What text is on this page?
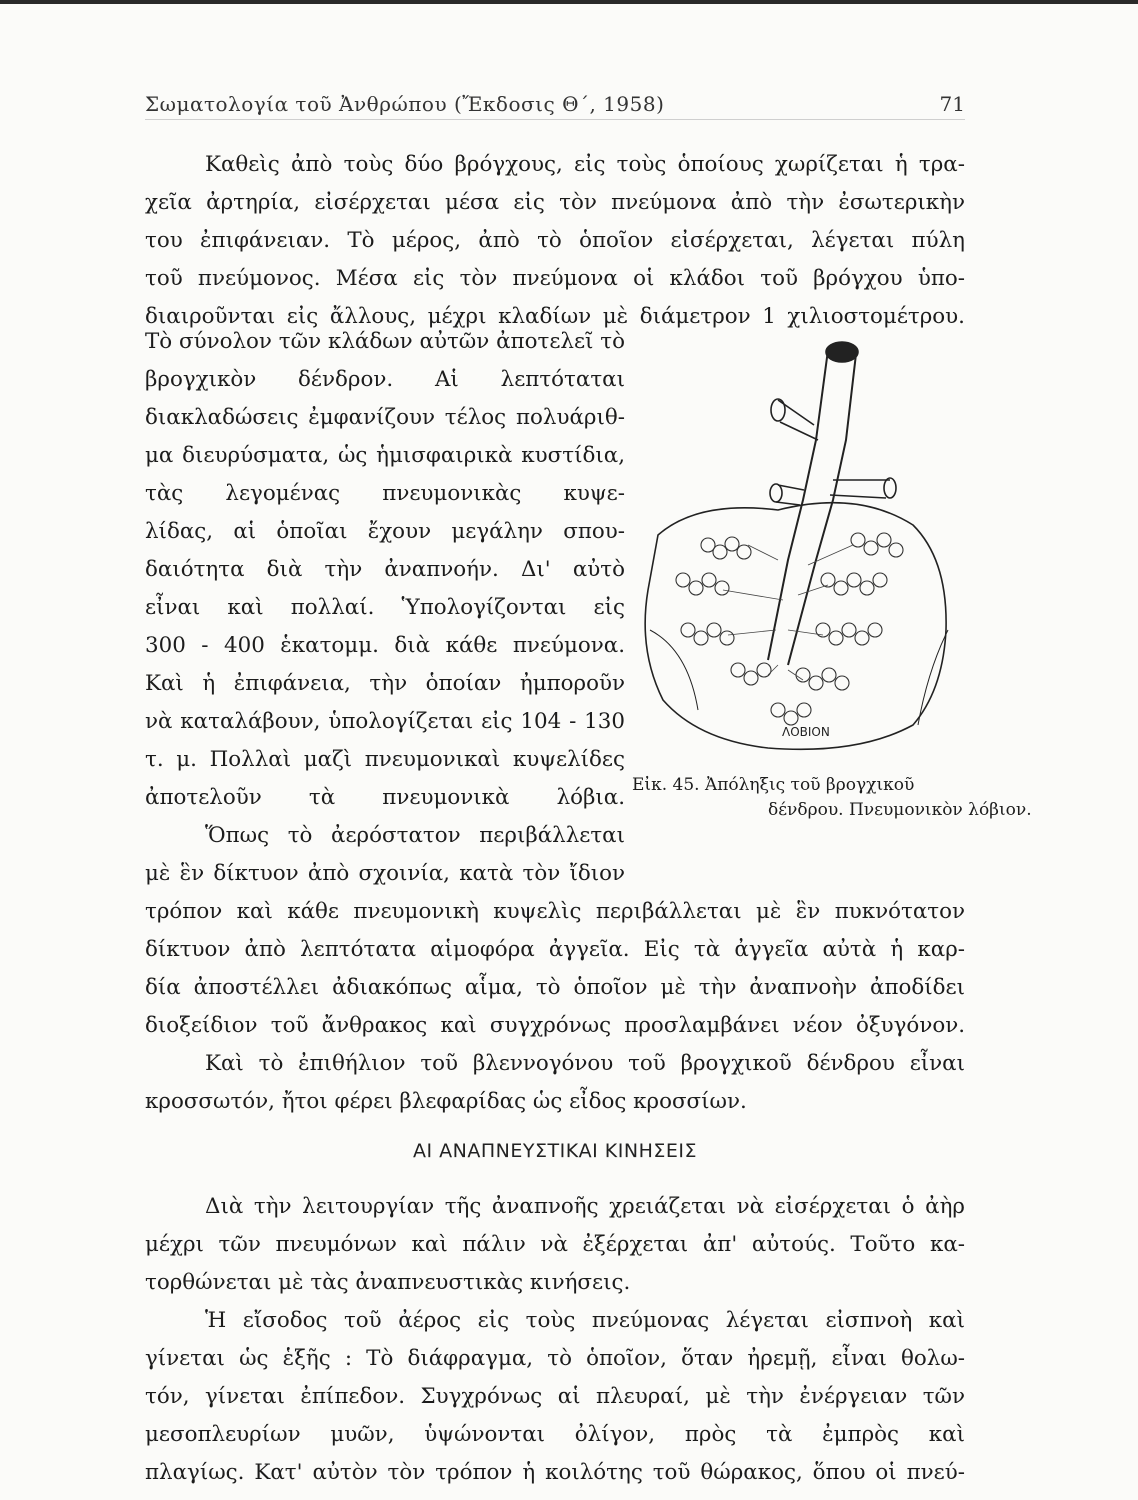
Σωματολογία τοῦ Ἀνθρώπου (Ἔκδοσις Θ΄, 1958)	71
Καθεὶς ἀπὸ τοὺς δύο βρόγχους, εἰς τοὺς ὁποίους χωρίζεται ἡ τρα-
χεῖα ἀρτηρία, εἰσέρχεται μέσα εἰς τὸν πνεύμονα ἀπὸ τὴν ἐσωτερικὴν
του ἐπιφάνειαν. Τὸ μέρος, ἀπὸ τὸ ὁποῖον εἰσέρχεται, λέγεται πύλη
τοῦ πνεύμονος. Μέσα εἰς τὸν πνεύμονα οἱ κλάδοι τοῦ βρόγχου ὑπο-
διαιροῦνται εἰς ἄλλους, μέχρι κλαδίων μὲ διάμετρον 1 χιλιοστομέτρου.
Τὸ σύνολον τῶν κλάδων αὐτῶν ἀποτελεῖ τὸ
βρογχικὸν δένδρον. Αἱ λεπτόταται
διακλαδώσεις ἐμφανίζουν τέλος πολυάριθ-
μα διευρύσματα, ὡς ἡμισφαιρικὰ κυστίδια,
τὰς λεγομένας πνευμονικὰς κυψε-
λίδας, αἱ ὁποῖαι ἔχουν μεγάλην σπου-
δαιότητα διὰ τὴν ἀναπνοήν. Δι' αὐτὸ
εἶναι καὶ πολλαί. Ὑπολογίζονται εἰς
300 - 400 ἑκατομμ. διὰ κάθε πνεύμονα.
Καὶ ἡ ἐπιφάνεια, τὴν ὁποίαν ἠμποροῦν
νὰ καταλάβουν, ὑπολογίζεται εἰς 104 - 130
τ. μ. Πολλαὶ μαζὶ πνευμονικαὶ κυψελίδες
ἀποτελοῦν τὰ πνευμονικὰ λόβια.
ΛΟΒΙΟΝ
Εἰκ. 45. Ἀπόληξις τοῦ βρογχικοῦ
δένδρου. Πνευμονικὸν λόβιον.
Ὅπως τὸ ἀερόστατον περιβάλλεται
μὲ ἓν δίκτυον ἀπὸ σχοινία, κατὰ τὸν ἴδιον
τρόπον καὶ κάθε πνευμονικὴ κυψελὶς περιβάλλεται μὲ ἓν πυκνότατον
δίκτυον ἀπὸ λεπτότατα αἱμοφόρα ἀγγεῖα. Εἰς τὰ ἀγγεῖα αὐτὰ ἡ καρ-
δία ἀποστέλλει ἀδιακόπως αἷμα, τὸ ὁποῖον μὲ τὴν ἀναπνοὴν ἀποδίδει
διοξείδιον τοῦ ἄνθρακος καὶ συγχρόνως προσλαμβάνει νέον ὀξυγόνον.
Καὶ τὸ ἐπιθήλιον τοῦ βλεννογόνου τοῦ βρογχικοῦ δένδρου εἶναι
κροσσωτόν, ἤτοι φέρει βλεφαρίδας ὡς εἶδος κροσσίων.
ΑΙ ΑΝΑΠΝΕΥΣΤΙΚΑΙ ΚΙΝΗΣΕΙΣ
Διὰ τὴν λειτουργίαν τῆς ἀναπνοῆς χρειάζεται νὰ εἰσέρχεται ὁ ἀὴρ
μέχρι τῶν πνευμόνων καὶ πάλιν νὰ ἐξέρχεται ἀπ' αὐτούς. Τοῦτο κα-
τορθώνεται μὲ τὰς ἀναπνευστικὰς κινήσεις.
Ἡ εἴσοδος τοῦ ἀέρος εἰς τοὺς πνεύμονας λέγεται εἰσπνοὴ καὶ
γίνεται ὡς ἑξῆς : Τὸ διάφραγμα, τὸ ὁποῖον, ὅταν ἠρεμῇ, εἶναι θολω-
τόν, γίνεται ἐπίπεδον. Συγχρόνως αἱ πλευραί, μὲ τὴν ἐνέργειαν τῶν
μεσοπλευρίων μυῶν, ὑψώνονται ὀλίγον, πρὸς τὰ ἐμπρὸς καὶ
πλαγίως. Κατ' αὐτὸν τὸν τρόπον ἡ κοιλότης τοῦ θώρακος, ὅπου οἱ πνεύ-
